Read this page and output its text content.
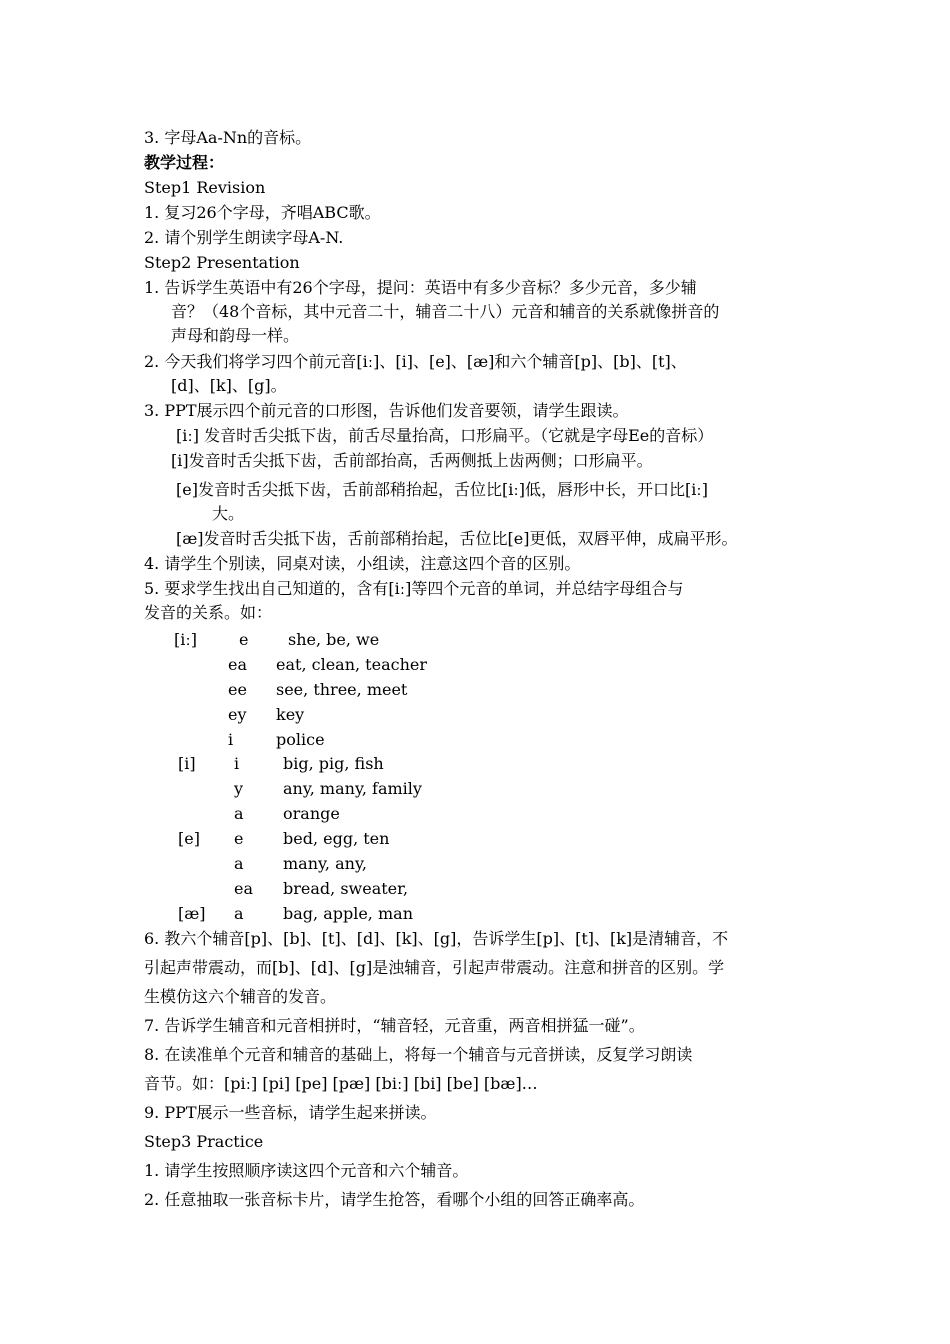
3. 字母Aa-Nn的音标。
教学过程：
Step1 Revision
1. 复习26个字母，齐唱ABC歌。
2. 请个别学生朗读字母A-N.
Step2 Presentation
1. 告诉学生英语中有26个字母，提问：英语中有多少音标？多少元音，多少辅
音？（48个音标，其中元音二十，辅音二十八）元音和辅音的关系就像拼音的
声母和韵母一样。
2. 今天我们将学习四个前元音[iː]、[i]、[e]、[æ]和六个辅音[p]、[b]、[t]、
[d]、[k]、[g]。
3. PPT展示四个前元音的口形图，告诉他们发音要领，请学生跟读。
[iː] 发音时舌尖抵下齿，前舌尽量抬高，口形扁平。（它就是字母Ee的音标）
[i]发音时舌尖抵下齿，舌前部抬高，舌两侧抵上齿两侧；口形扁平。
[e]发音时舌尖抵下齿，舌前部稍抬起，舌位比[iː]低，唇形中长，开口比[iː]
大。
[æ]发音时舌尖抵下齿，舌前部稍抬起，舌位比[e]更低，双唇平伸，成扁平形。
4. 请学生个别读，同桌对读，小组读，注意这四个音的区别。
5. 要求学生找出自己知道的，含有[iː]等四个元音的单词，并总结字母组合与
发音的关系。如：
[iː]	e she, be, we
ea eat, clean, teacher
ee see, three, meet
ey key
i	police
[i] i	big, pig, fish
y any, many, family
a orange
[e] e bed, egg, ten
a many, any,
ea bread, sweater,
[æ] a bag, apple, man
6. 教六个辅音[p]、[b]、[t]、[d]、[k]、[g]，告诉学生[p]、[t]、[k]是清辅音，不
引起声带震动，而[b]、[d]、[g]是浊辅音，引起声带震动。注意和拼音的区别。学
生模仿这六个辅音的发音。
7. 告诉学生辅音和元音相拼时，“辅音轻，元音重，两音相拼猛一碰”。
8. 在读准单个元音和辅音的基础上，将每一个辅音与元音拼读，反复学习朗读
音节。如：[piː] [pi] [pe] [pæ] [biː] [bi] [be] [bæ]…
9. PPT展示一些音标，请学生起来拼读。
Step3 Practice
1. 请学生按照顺序读这四个元音和六个辅音。
2. 任意抽取一张音标卡片，请学生抢答，看哪个小组的回答正确率高。
